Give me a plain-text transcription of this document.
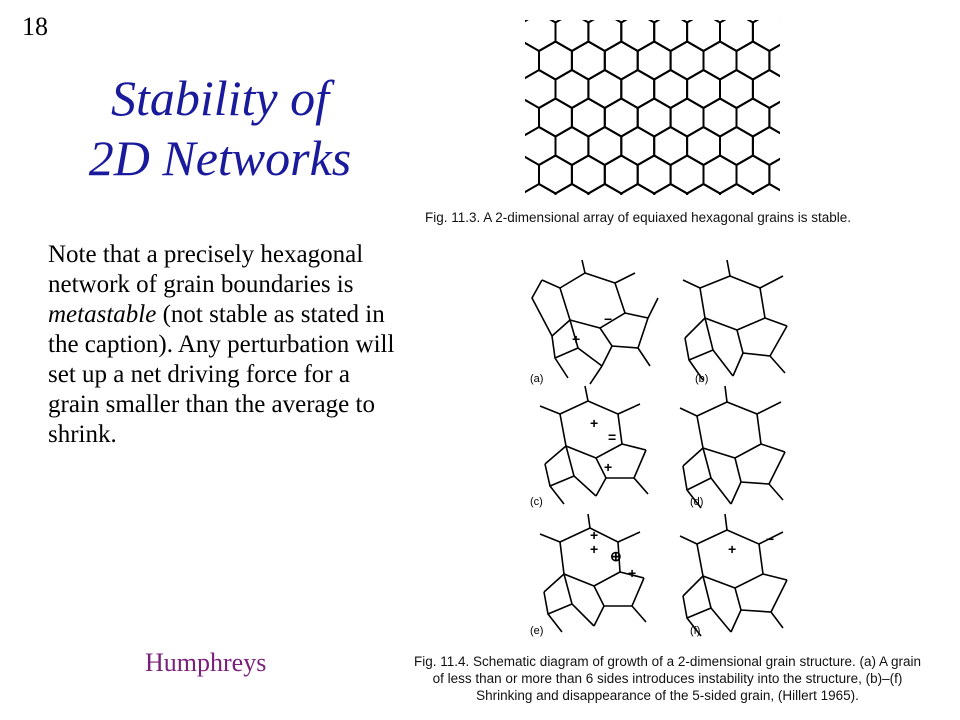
18
Stability of
2D Networks
Note that a precisely hexagonal network of grain boundaries is metastable (not stable as stated in the caption). Any perturbation will set up a net driving force for a grain smaller than the average to shrink.
Humphreys
Fig. 11.3. A 2-dimensional array of equiaxed hexagonal grains is stable.
−
+
+
=
+
+
+ ⊕
+
+
−
(a)	(b)
(c)	(d)
(e)	(f)
Fig. 11.4. Schematic diagram of growth of a 2-dimensional grain structure. (a) A grain
of less than or more than 6 sides introduces instability into the structure, (b)–(f)
Shrinking and disappearance of the 5-sided grain, (Hillert 1965).
